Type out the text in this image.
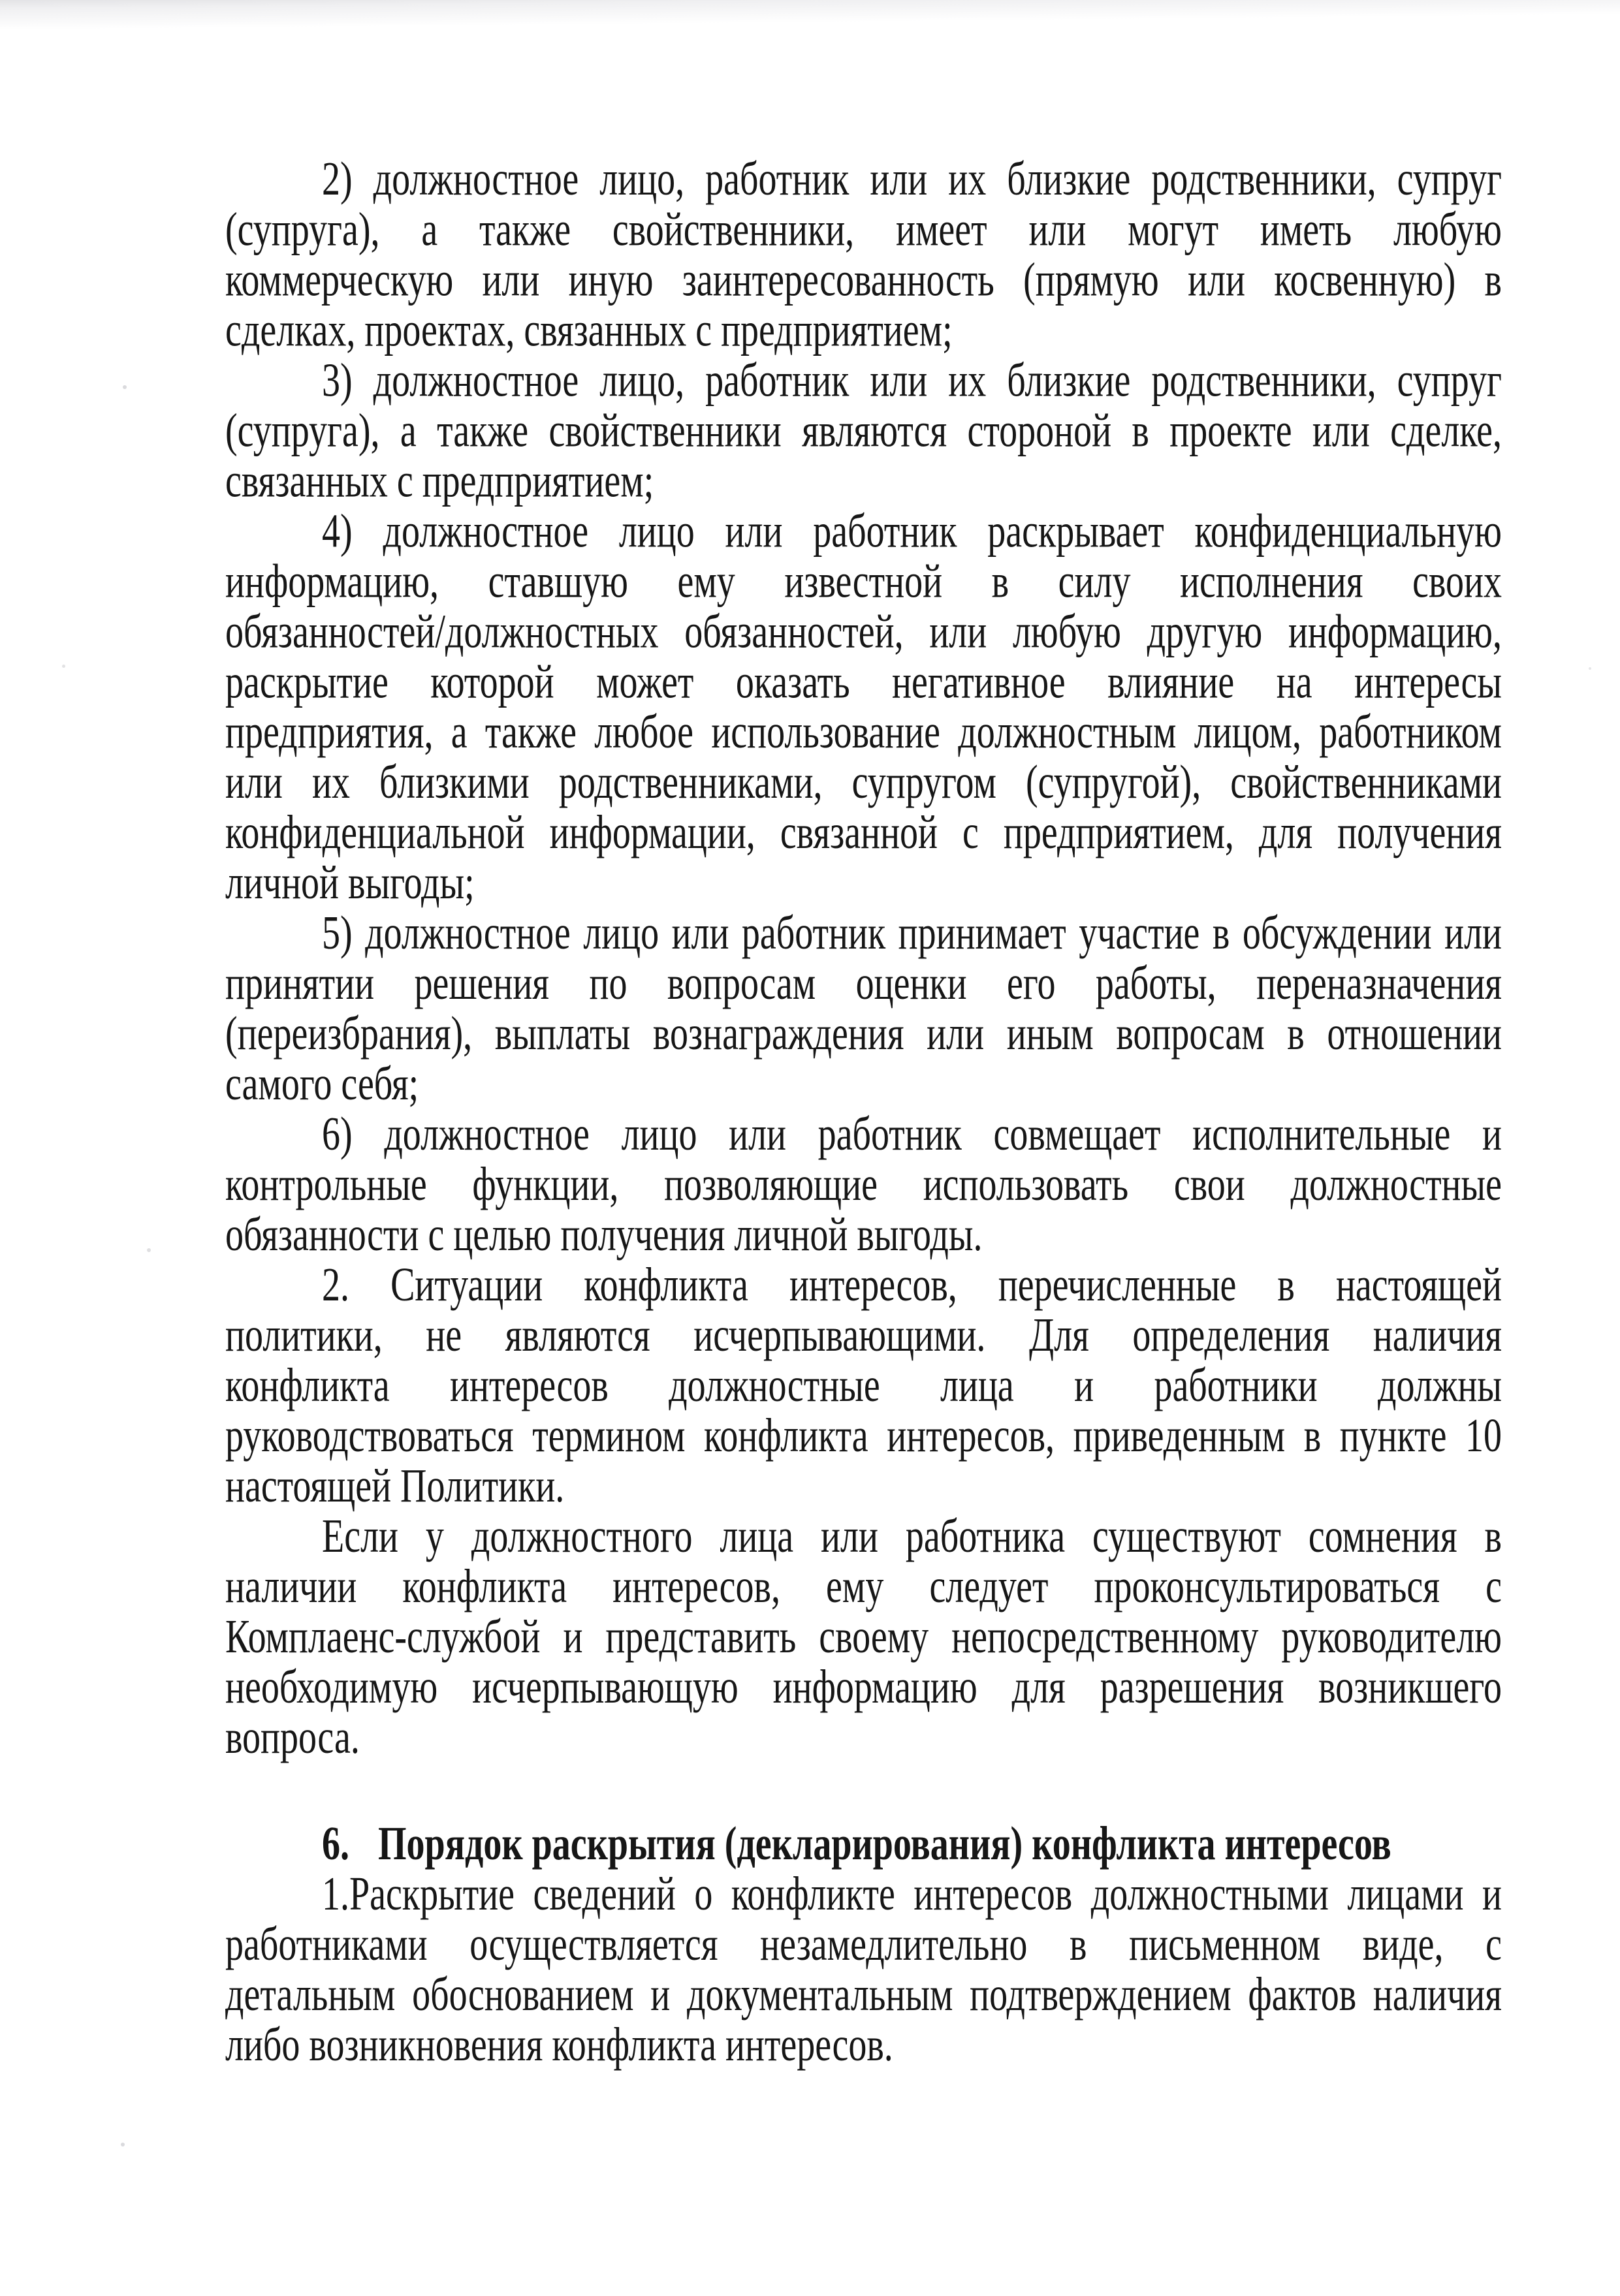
2) должностное лицо, работник или их близкие родственники, супруг

(супруга), а также свойственники, имеет или могут иметь любую

коммерческую или иную заинтересованность (прямую или косвенную) в

сделках, проектах, связанных с предприятием;

3) должностное лицо, работник или их близкие родственники, супруг

(супруга), а также свойственники являются стороной в проекте или сделке,

связанных с предприятием;

4) должностное лицо или работник раскрывает конфиденциальную

информацию, ставшую ему известной в силу исполнения своих

обязанностей/должностных обязанностей, или любую другую информацию,

раскрытие которой может оказать негативное влияние на интересы

предприятия, а также любое использование должностным лицом, работником

или их близкими родственниками, супругом (супругой), свойственниками

конфиденциальной информации, связанной с предприятием, для получения

личной выгоды;

5) должностное лицо или работник принимает участие в обсуждении или

принятии решения по вопросам оценки его работы, переназначения

(переизбрания), выплаты вознаграждения или иным вопросам в отношении

самого себя;

6) должностное лицо или работник совмещает исполнительные и

контрольные функции, позволяющие использовать свои должностные

обязанности с целью получения личной выгоды.

2. Ситуации конфликта интересов, перечисленные в настоящей

политики, не являются исчерпывающими. Для определения наличия

конфликта интересов должностные лица и работники должны

руководствоваться термином конфликта интересов, приведенным в пункте 10

настоящей Политики.

Если у должностного лица или работника существуют сомнения в

наличии конфликта интересов, ему следует проконсультироваться с

Комплаенс-службой и представить своему непосредственному руководителю

необходимую исчерпывающую информацию для разрешения возникшего

вопроса.

6. Порядок раскрытия (декларирования) конфликта интересов

1.Раскрытие сведений о конфликте интересов должностными лицами и

работниками осуществляется незамедлительно в письменном виде, с

детальным обоснованием и документальным подтверждением фактов наличия

либо возникновения конфликта интересов.
